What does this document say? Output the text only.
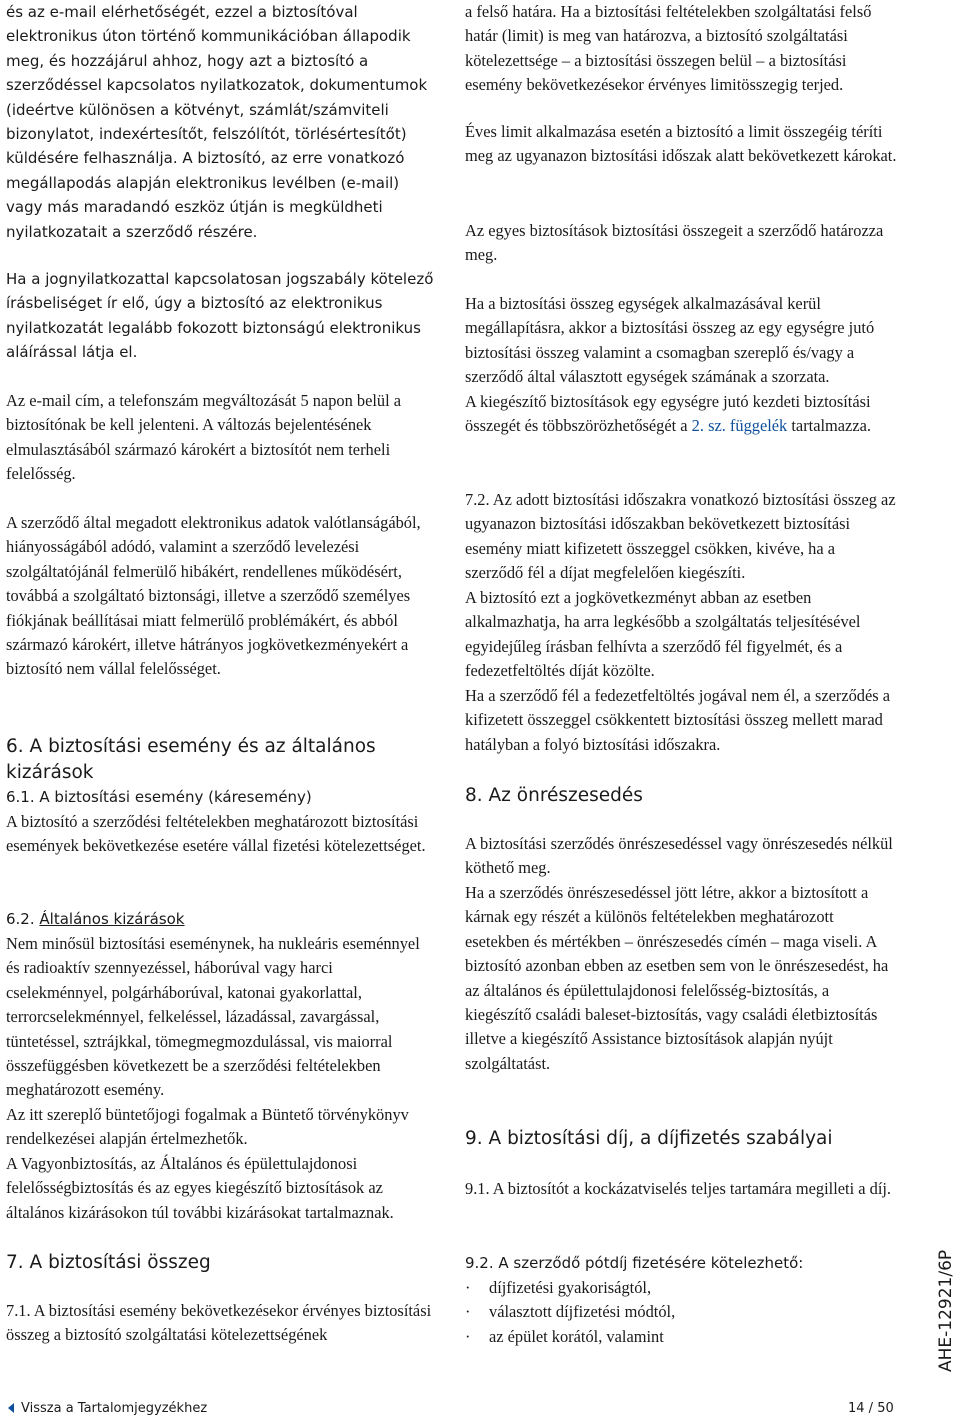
és az e-mail elérhetőségét, ezzel a biztosítóval elektronikus úton történő kommunikációban állapodik meg, és hozzájárul ahhoz, hogy azt a biztosító a szerződéssel kapcsolatos nyilatkozatok, dokumentumok (ideértve különösen a kötvényt, számlát/számviteli bizonylatot, indexértesítőt, felszólítót, törlésértesítőt) küldésére felhasználja. A biztosító, az erre vonatkozó megállapodás alapján elektronikus levélben (e-mail) vagy más maradandó eszköz útján is megküldheti nyilatkozatait a szerződő részére.

Ha a jognyilatkozattal kapcsolatosan jogszabály kötelező írásbeliséget ír elő, úgy a biztosító az elektronikus nyilatkozatát legalább fokozott biztonságú elektronikus aláírással látja el.

Az e-mail cím, a telefonszám megváltozását 5 napon belül a biztosítónak be kell jelenteni. A változás bejelentésének elmulasztásából származó károkért a biztosítót nem terheli felelősség.

A szerződő által megadott elektronikus adatok valótlanságából, hiányosságából adódó, valamint a szerződő levelezési szolgáltatójánál felmerülő hibákért, rendellenes működésért, továbbá a szolgáltató biztonsági, illetve a szerződő személyes fiókjának beállításai miatt felmerülő problémákért, és abból származó károkért, illetve hátrányos jogkövetkezményekért a biztosító nem vállal felelősséget.

6. A biztosítási esemény és az általános kizárások
6.1. A biztosítási esemény (káresemény)

A biztosító a szerződési feltételekben meghatározott biztosítási események bekövetkezése esetére vállal fizetési kötelezettséget.

6.2. Általános kizárások

Nem minősül biztosítási eseménynek, ha nukleáris eseménnyel és radioaktív szennyezéssel, háborúval vagy harci cselekménnyel, polgárháborúval, katonai gyakorlattal, terrorcselekménnyel, felkeléssel, lázadással, zavargással, tüntetéssel, sztrájkkal, tömegmegmozdulással, vis maiorral összefüggésben következett be a szerződési feltételekben meghatározott esemény.

Az itt szereplő büntetőjogi fogalmak a Büntető törvénykönyv rendelkezései alapján értelmezhetők.

A Vagyonbiztosítás, az Általános és épülettulajdonosi felelősségbiztosítás és az egyes kiegészítő biztosítások az általános kizárásokon túl további kizárásokat tartalmaznak.

7. A biztosítási összeg

7.1. A biztosítási esemény bekövetkezésekor érvényes biztosítási összeg a biztosító szolgáltatási kötelezettségének

a felső határa. Ha a biztosítási feltételekben szolgáltatási felső határ (limit) is meg van határozva, a biztosító szolgáltatási kötelezettsége – a biztosítási összegen belül – a biztosítási esemény bekövetkezésekor érvényes limitösszegig terjed.

Éves limit alkalmazása esetén a biztosító a limit összegéig téríti meg az ugyanazon biztosítási időszak alatt bekövetkezett károkat.

Az egyes biztosítások biztosítási összegeit a szerződő határozza meg.

Ha a biztosítási összeg egységek alkalmazásával kerül megállapításra, akkor a biztosítási összeg az egy egységre jutó biztosítási összeg valamint a csomagban szereplő és/vagy a szerződő által választott egységek számának a szorzata.

A kiegészítő biztosítások egy egységre jutó kezdeti biztosítási összegét és többszörözhetőségét a 2. sz. függelék tartalmazza.

7.2. Az adott biztosítási időszakra vonatkozó biztosítási összeg az ugyanazon biztosítási időszakban bekövetkezett biztosítási esemény miatt kifizetett összeggel csökken, kivéve, ha a szerződő fél a díjat megfelelően kiegészíti.

A biztosító ezt a jogkövetkezményt abban az esetben alkalmazhatja, ha arra legkésőbb a szolgáltatás teljesítésével egyidejűleg írásban felhívta a szerződő fél figyelmét, és a fedezetfeltöltés díját közölte.

Ha a szerződő fél a fedezetfeltöltés jogával nem él, a szerződés a kifizetett összeggel csökkentett biztosítási összeg mellett marad hatályban a folyó biztosítási időszakra.

8. Az önrészesedés

A biztosítási szerződés önrészesedéssel vagy önrészesedés nélkül köthető meg.

Ha a szerződés önrészesedéssel jött létre, akkor a biztosított a kárnak egy részét a különös feltételekben meghatározott esetekben és mértékben – önrészesedés címén – maga viseli. A biztosító azonban ebben az esetben sem von le önrészesedést, ha az általános és épülettulajdonosi felelősség-biztosítás, a kiegészítő családi baleset-biztosítás, vagy családi életbiztosítás illetve a kiegészítő Assistance biztosítások alapján nyújt szolgáltatást.

9. A biztosítási díj, a díjfizetés szabályai

9.1. A biztosítót a kockázatviselés teljes tartamára megilleti a díj.

9.2. A szerződő pótdíj fizetésére kötelezhető:
· díjfizetési gyakoriságtól,
· választott díjfizetési módtól,
· az épület korától, valamint	AHE-12921/6P
Vissza a Tartalomjegyzékhez	14 / 50
